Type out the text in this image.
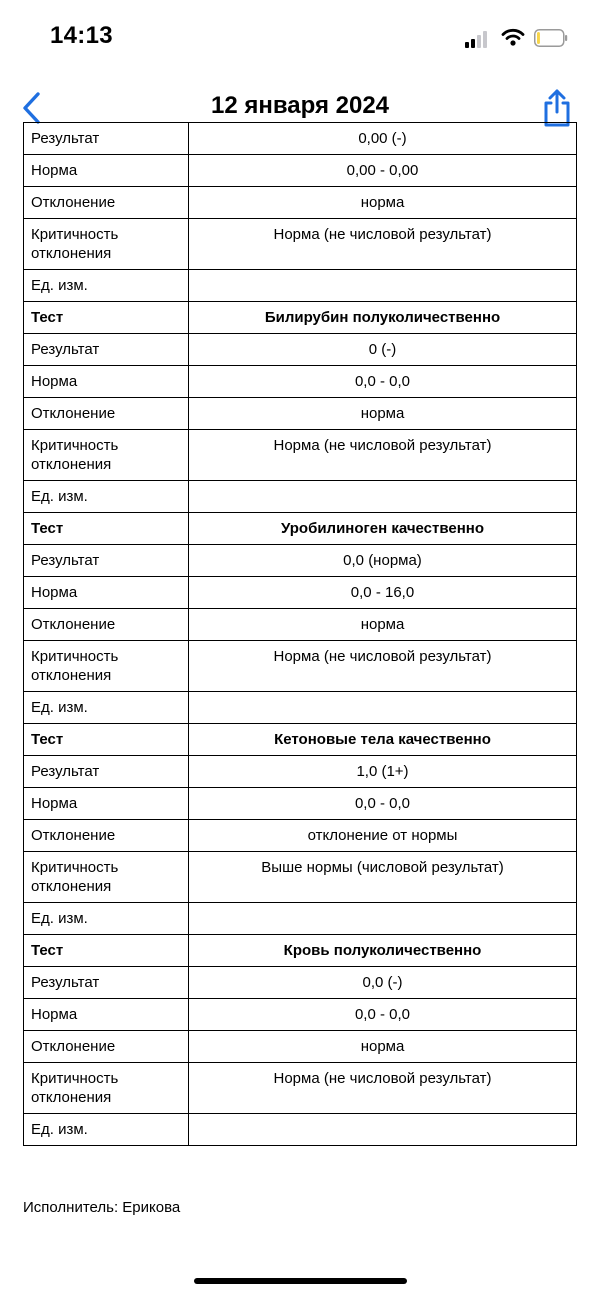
14:13
12 января 2024
Результат	0,00 (-)
Норма	0,00 - 0,00
Отклонение	норма
Критичность отклонения	Норма (не числовой результат)
Ед. изм.	
Тест	Билирубин полуколичественно
Результат	0 (-)
Норма	0,0 - 0,0
Отклонение	норма
Критичность отклонения	Норма (не числовой результат)
Ед. изм.	
Тест	Уробилиноген качественно
Результат	0,0 (норма)
Норма	0,0 - 16,0
Отклонение	норма
Критичность отклонения	Норма (не числовой результат)
Ед. изм.	
Тест	Кетоновые тела качественно
Результат	1,0 (1+)
Норма	0,0 - 0,0
Отклонение	отклонение от нормы
Критичность отклонения	Выше нормы (числовой результат)
Ед. изм.	
Тест	Кровь полуколичественно
Результат	0,0 (-)
Норма	0,0 - 0,0
Отклонение	норма
Критичность отклонения	Норма (не числовой результат)
Ед. изм.	
Исполнитель: Ерикова
